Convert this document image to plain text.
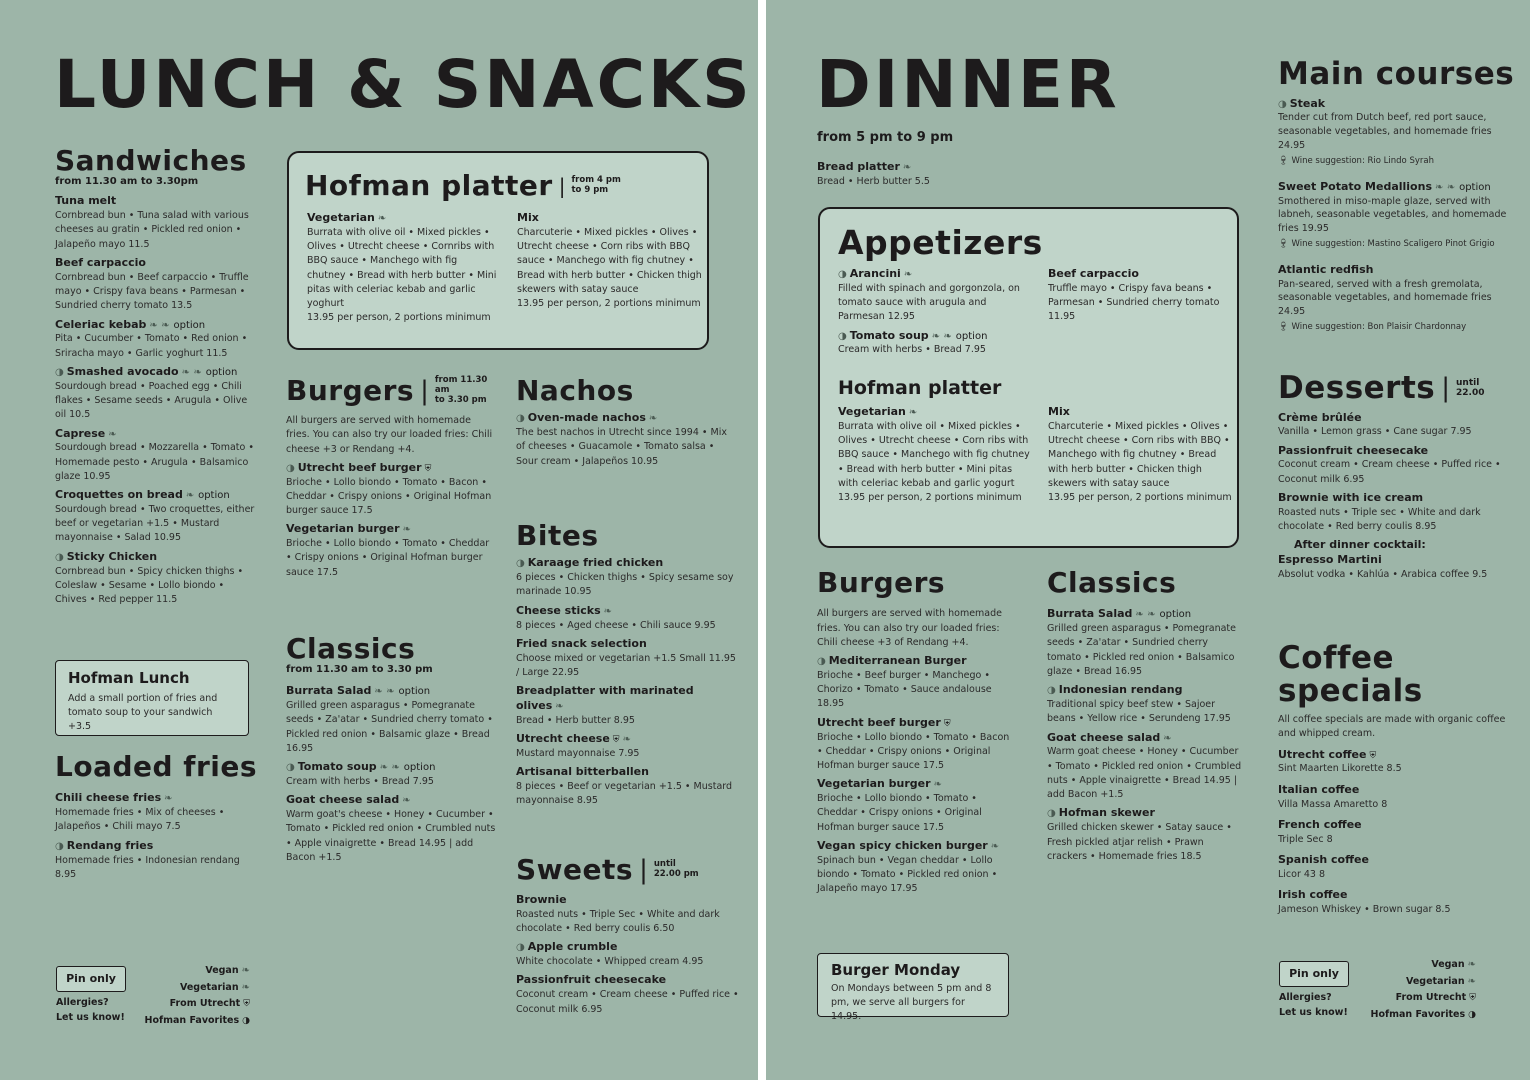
LUNCH & SNACKS
Sandwiches
from 11.30 am to 3.30pm
Tuna melt
Cornbread bun • Tuna salad with various cheeses au gratin • Pickled red onion • Jalapeño mayo 11.5
Beef carpaccio
Cornbread bun • Beef carpaccio • Truffle mayo • Crispy fava beans • Parmesan • Sundried cherry tomato 13.5
Celeriac kebab ❧ ❧ option
Pita • Cucumber • Tomato • Red onion • Sriracha mayo • Garlic yoghurt 11.5
◑ Smashed avocado ❧ ❧ option
Sourdough bread • Poached egg • Chili flakes • Sesame seeds • Arugula • Olive oil 10.5
Caprese ❧
Sourdough bread • Mozzarella • Tomato • Homemade pesto • Arugula • Balsamico glaze 10.95
Croquettes on bread ❧ option
Sourdough bread • Two croquettes, either beef or vegetarian +1.5 • Mustard mayonnaise • Salad 10.95
◑ Sticky Chicken
Cornbread bun • Spicy chicken thighs • Coleslaw • Sesame • Lollo biondo • Chives • Red pepper 11.5
Hofman Lunch
Add a small portion of fries and tomato soup to your sandwich +3.5
Loaded fries
Chili cheese fries ❧
Homemade fries • Mix of cheeses • Jalapeños • Chili mayo 7.5
◑ Rendang fries
Homemade fries • Indonesian rendang 8.95
Pin only
Allergies?
Let us know!
Vegan ❧
Vegetarian ❧
From Utrecht ⛨
Hofman Favorites ◑
Hofman platter | from 4 pm
to 9 pm
Vegetarian ❧
Burrata with olive oil • Mixed pickles • Olives • Utrecht cheese • Cornribs with BBQ sauce • Manchego with fig chutney • Bread with herb butter • Mini pitas with celeriac kebab and garlic yoghurt
13.95 per person, 2 portions minimum
Mix
Charcuterie • Mixed pickles • Olives • Utrecht cheese • Corn ribs with BBQ sauce • Manchego with fig chutney • Bread with herb butter • Chicken thigh skewers with satay sauce
13.95 per person, 2 portions minimum
Burgers | from 11.30 am
to 3.30 pm
All burgers are served with homemade fries. You can also try our loaded fries: Chili cheese +3 or Rendang +4.
◑ Utrecht beef burger ⛨
Brioche • Lollo biondo • Tomato • Bacon • Cheddar • Crispy onions • Original Hofman burger sauce 17.5
Vegetarian burger ❧
Brioche • Lollo biondo • Tomato • Cheddar • Crispy onions • Original Hofman burger sauce 17.5
Classics
from 11.30 am to 3.30 pm
Burrata Salad ❧ ❧ option
Grilled green asparagus • Pomegranate seeds • Za'atar • Sundried cherry tomato • Pickled red onion • Balsamic glaze • Bread 16.95
◑ Tomato soup ❧ ❧ option
Cream with herbs • Bread 7.95
Goat cheese salad ❧
Warm goat's cheese • Honey • Cucumber • Tomato • Pickled red onion • Crumbled nuts • Apple vinaigrette • Bread 14.95 | add Bacon +1.5
Nachos
◑ Oven-made nachos ❧
The best nachos in Utrecht since 1994 • Mix of cheeses • Guacamole • Tomato salsa • Sour cream • Jalapeños 10.95
Bites
◑ Karaage fried chicken
6 pieces • Chicken thighs • Spicy sesame soy marinade 10.95
Cheese sticks ❧
8 pieces • Aged cheese • Chili sauce 9.95
Fried snack selection
Choose mixed or vegetarian +1.5 Small 11.95 / Large 22.95
Breadplatter with marinated olives ❧
Bread • Herb butter 8.95
Utrecht cheese ⛨ ❧
Mustard mayonnaise 7.95
Artisanal bitterballen
8 pieces • Beef or vegetarian +1.5 • Mustard mayonnaise 8.95
Sweets | until
22.00 pm
Brownie
Roasted nuts • Triple Sec • White and dark chocolate • Red berry coulis 6.50
◑ Apple crumble
White chocolate • Whipped cream 4.95
Passionfruit cheesecake
Coconut cream • Cream cheese • Puffed rice • Coconut milk 6.95
DINNER
from 5 pm to 9 pm
Bread platter ❧
Bread • Herb butter 5.5
Appetizers
◑ Arancini ❧
Filled with spinach and gorgonzola, on tomato sauce with arugula and Parmesan 12.95
◑ Tomato soup ❧ ❧ option
Cream with herbs • Bread 7.95
Beef carpaccio
Truffle mayo • Crispy fava beans • Parmesan • Sundried cherry tomato 11.95
Hofman platter
Vegetarian ❧
Burrata with olive oil • Mixed pickles • Olives • Utrecht cheese • Corn ribs with BBQ sauce • Manchego with fig chutney • Bread with herb butter • Mini pitas with celeriac kebab and garlic yogurt
13.95 per person, 2 portions minimum
Mix
Charcuterie • Mixed pickles • Olives • Utrecht cheese • Corn ribs with BBQ • Manchego with fig chutney • Bread with herb butter • Chicken thigh skewers with satay sauce
13.95 per person, 2 portions minimum
Burgers
All burgers are served with homemade fries. You can also try our loaded fries: Chili cheese +3 of Rendang +4.
◑ Mediterranean Burger
Brioche • Beef burger • Manchego • Chorizo • Tomato • Sauce andalouse 18.95
Utrecht beef burger ⛨
Brioche • Lollo biondo • Tomato • Bacon • Cheddar • Crispy onions • Original Hofman burger sauce 17.5
Vegetarian burger ❧
Brioche • Lollo biondo • Tomato • Cheddar • Crispy onions • Original Hofman burger sauce 17.5
Vegan spicy chicken burger ❧
Spinach bun • Vegan cheddar • Lollo biondo • Tomato • Pickled red onion • Jalapeño mayo 17.95
Burger Monday
On Mondays between 5 pm and 8 pm, we serve all burgers for 14.95.
Classics
Burrata Salad ❧ ❧ option
Grilled green asparagus • Pomegranate seeds • Za'atar • Sundried cherry tomato • Pickled red onion • Balsamico glaze • Bread 16.95
◑ Indonesian rendang
Traditional spicy beef stew • Sajoer beans • Yellow rice • Serundeng 17.95
Goat cheese salad ❧
Warm goat cheese • Honey • Cucumber • Tomato • Pickled red onion • Crumbled nuts • Apple vinaigrette • Bread 14.95 | add Bacon +1.5
◑ Hofman skewer
Grilled chicken skewer • Satay sauce • Fresh pickled atjar relish • Prawn crackers • Homemade fries 18.5
Main courses
◑ Steak
Tender cut from Dutch beef, red port sauce, seasonable vegetables, and homemade fries 24.95
🍷︎ Wine suggestion: Rio Lindo Syrah
Sweet Potato Medallions ❧ ❧ option
Smothered in miso-maple glaze, served with labneh, seasonable vegetables, and homemade fries 19.95
🍷︎ Wine suggestion: Mastino Scaligero Pinot Grigio
Atlantic redfish
Pan-seared, served with a fresh gremolata, seasonable vegetables, and homemade fries 24.95
🍷︎ Wine suggestion: Bon Plaisir Chardonnay
Desserts | until
22.00
Crème brûlée
Vanilla • Lemon grass • Cane sugar 7.95
Passionfruit cheesecake
Coconut cream • Cream cheese • Puffed rice • Coconut milk 6.95
Brownie with ice cream
Roasted nuts • Triple sec • White and dark chocolate • Red berry coulis 8.95
After dinner cocktail:
Espresso Martini
Absolut vodka • Kahlúa • Arabica coffee 9.5
Coffee
specials
All coffee specials are made with organic coffee and whipped cream.
Utrecht coffee ⛨
Sint Maarten Likorette 8.5
Italian coffee
Villa Massa Amaretto 8
French coffee
Triple Sec 8
Spanish coffee
Licor 43 8
Irish coffee
Jameson Whiskey • Brown sugar 8.5
Pin only
Allergies?
Let us know!
Vegan ❧
Vegetarian ❧
From Utrecht ⛨
Hofman Favorites ◑
